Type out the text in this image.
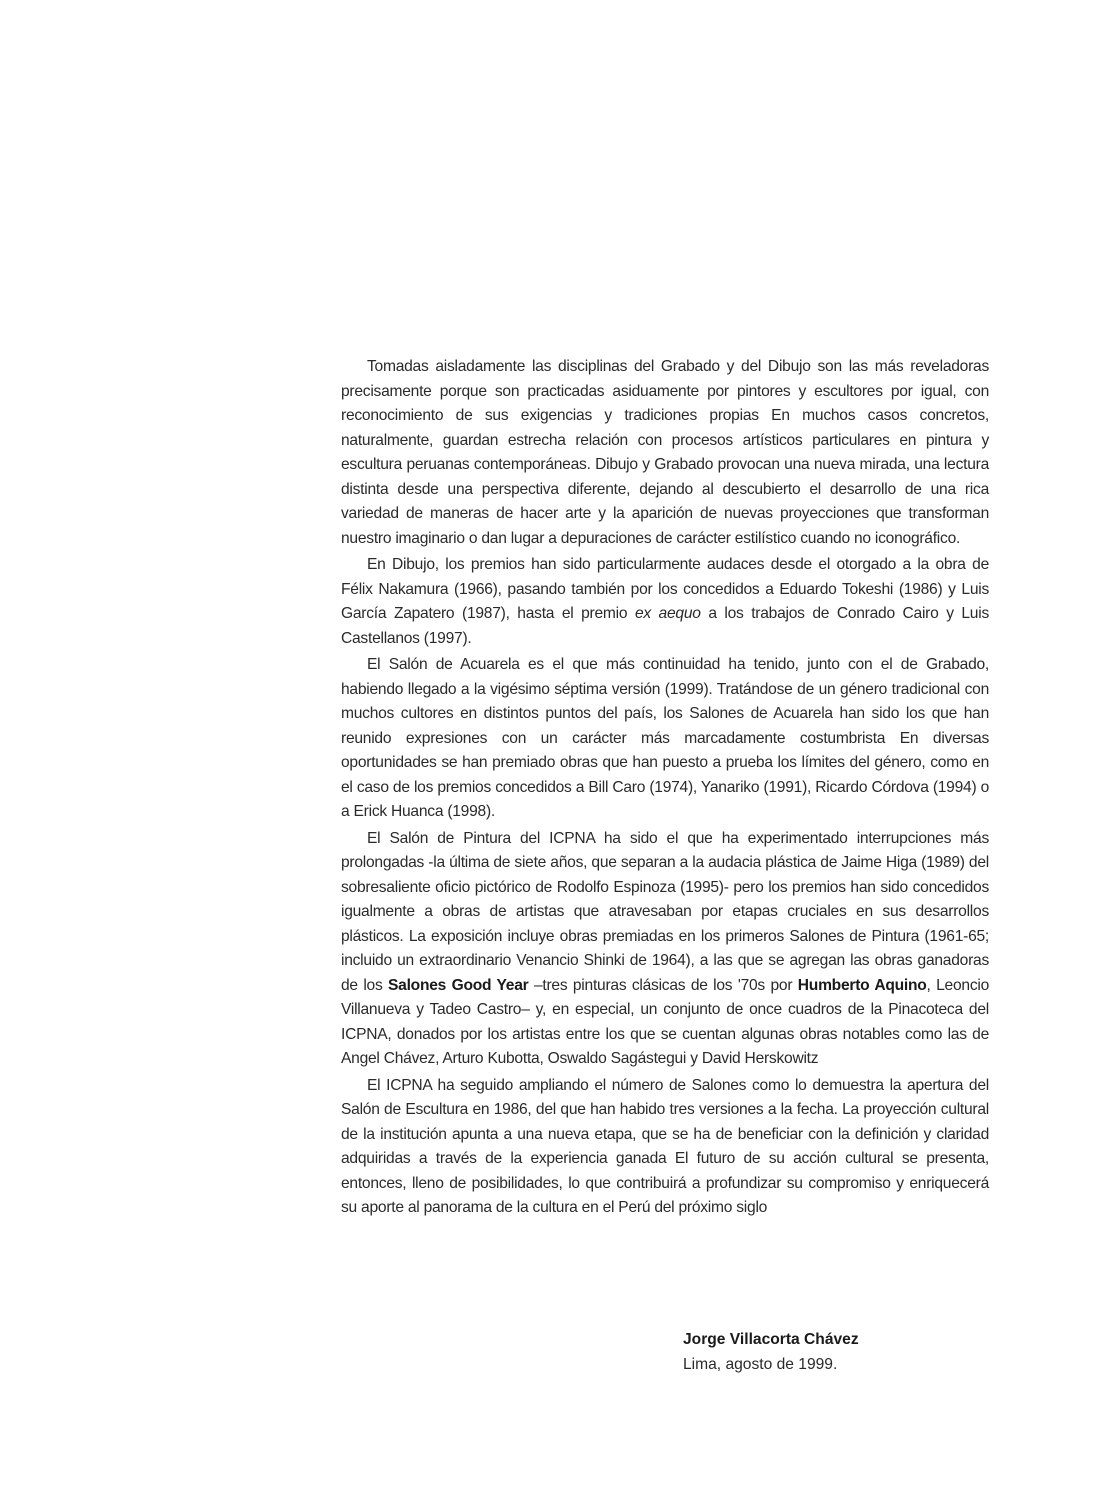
Tomadas aisladamente las disciplinas del Grabado y del Dibujo son las más reveladoras precisamente porque son practicadas asiduamente por pintores y escultores por igual, con reconocimiento de sus exigencias y tradiciones propias En muchos casos concretos, naturalmente, guardan estrecha relación con procesos artísticos particulares en pintura y escultura peruanas contemporáneas. Dibujo y Grabado provocan una nueva mirada, una lectura distinta desde una perspectiva diferente, dejando al descubierto el desarrollo de una rica variedad de maneras de hacer arte y la aparición de nuevas proyecciones que transforman nuestro imaginario o dan lugar a depuraciones de carácter estilístico cuando no iconográfico.

En Dibujo, los premios han sido particularmente audaces desde el otorgado a la obra de Félix Nakamura (1966), pasando también por los concedidos a Eduardo Tokeshi (1986) y Luis García Zapatero (1987), hasta el premio ex aequo a los trabajos de Conrado Cairo y Luis Castellanos (1997).

El Salón de Acuarela es el que más continuidad ha tenido, junto con el de Grabado, habiendo llegado a la vigésimo séptima versión (1999). Tratándose de un género tradicional con muchos cultores en distintos puntos del país, los Salones de Acuarela han sido los que han reunido expresiones con un carácter más marcadamente costumbrista En diversas oportunidades se han premiado obras que han puesto a prueba los límites del género, como en el caso de los premios concedidos a Bill Caro (1974), Yanariko (1991), Ricardo Córdova (1994) o a Erick Huanca (1998).

El Salón de Pintura del ICPNA ha sido el que ha experimentado interrupciones más prolongadas -la última de siete años, que separan a la audacia plástica de Jaime Higa (1989) del sobresaliente oficio pictórico de Rodolfo Espinoza (1995)- pero los premios han sido concedidos igualmente a obras de artistas que atravesaban por etapas cruciales en sus desarrollos plásticos. La exposición incluye obras premiadas en los primeros Salones de Pintura (1961-65; incluido un extraordinario Venancio Shinki de 1964), a las que se agregan las obras ganadoras de los Salones Good Year –tres pinturas clásicas de los '70s por Humberto Aquino, Leoncio Villanueva y Tadeo Castro– y, en especial, un conjunto de once cuadros de la Pinacoteca del ICPNA, donados por los artistas entre los que se cuentan algunas obras notables como las de Angel Chávez, Arturo Kubotta, Oswaldo Sagástegui y David Herskowitz

El ICPNA ha seguido ampliando el número de Salones como lo demuestra la apertura del Salón de Escultura en 1986, del que han habido tres versiones a la fecha. La proyección cultural de la institución apunta a una nueva etapa, que se ha de beneficiar con la definición y claridad adquiridas a través de la experiencia ganada El futuro de su acción cultural se presenta, entonces, lleno de posibilidades, lo que contribuirá a profundizar su compromiso y enriquecerá su aporte al panorama de la cultura en el Perú del próximo siglo

Jorge Villacorta Chávez
Lima, agosto de 1999.
